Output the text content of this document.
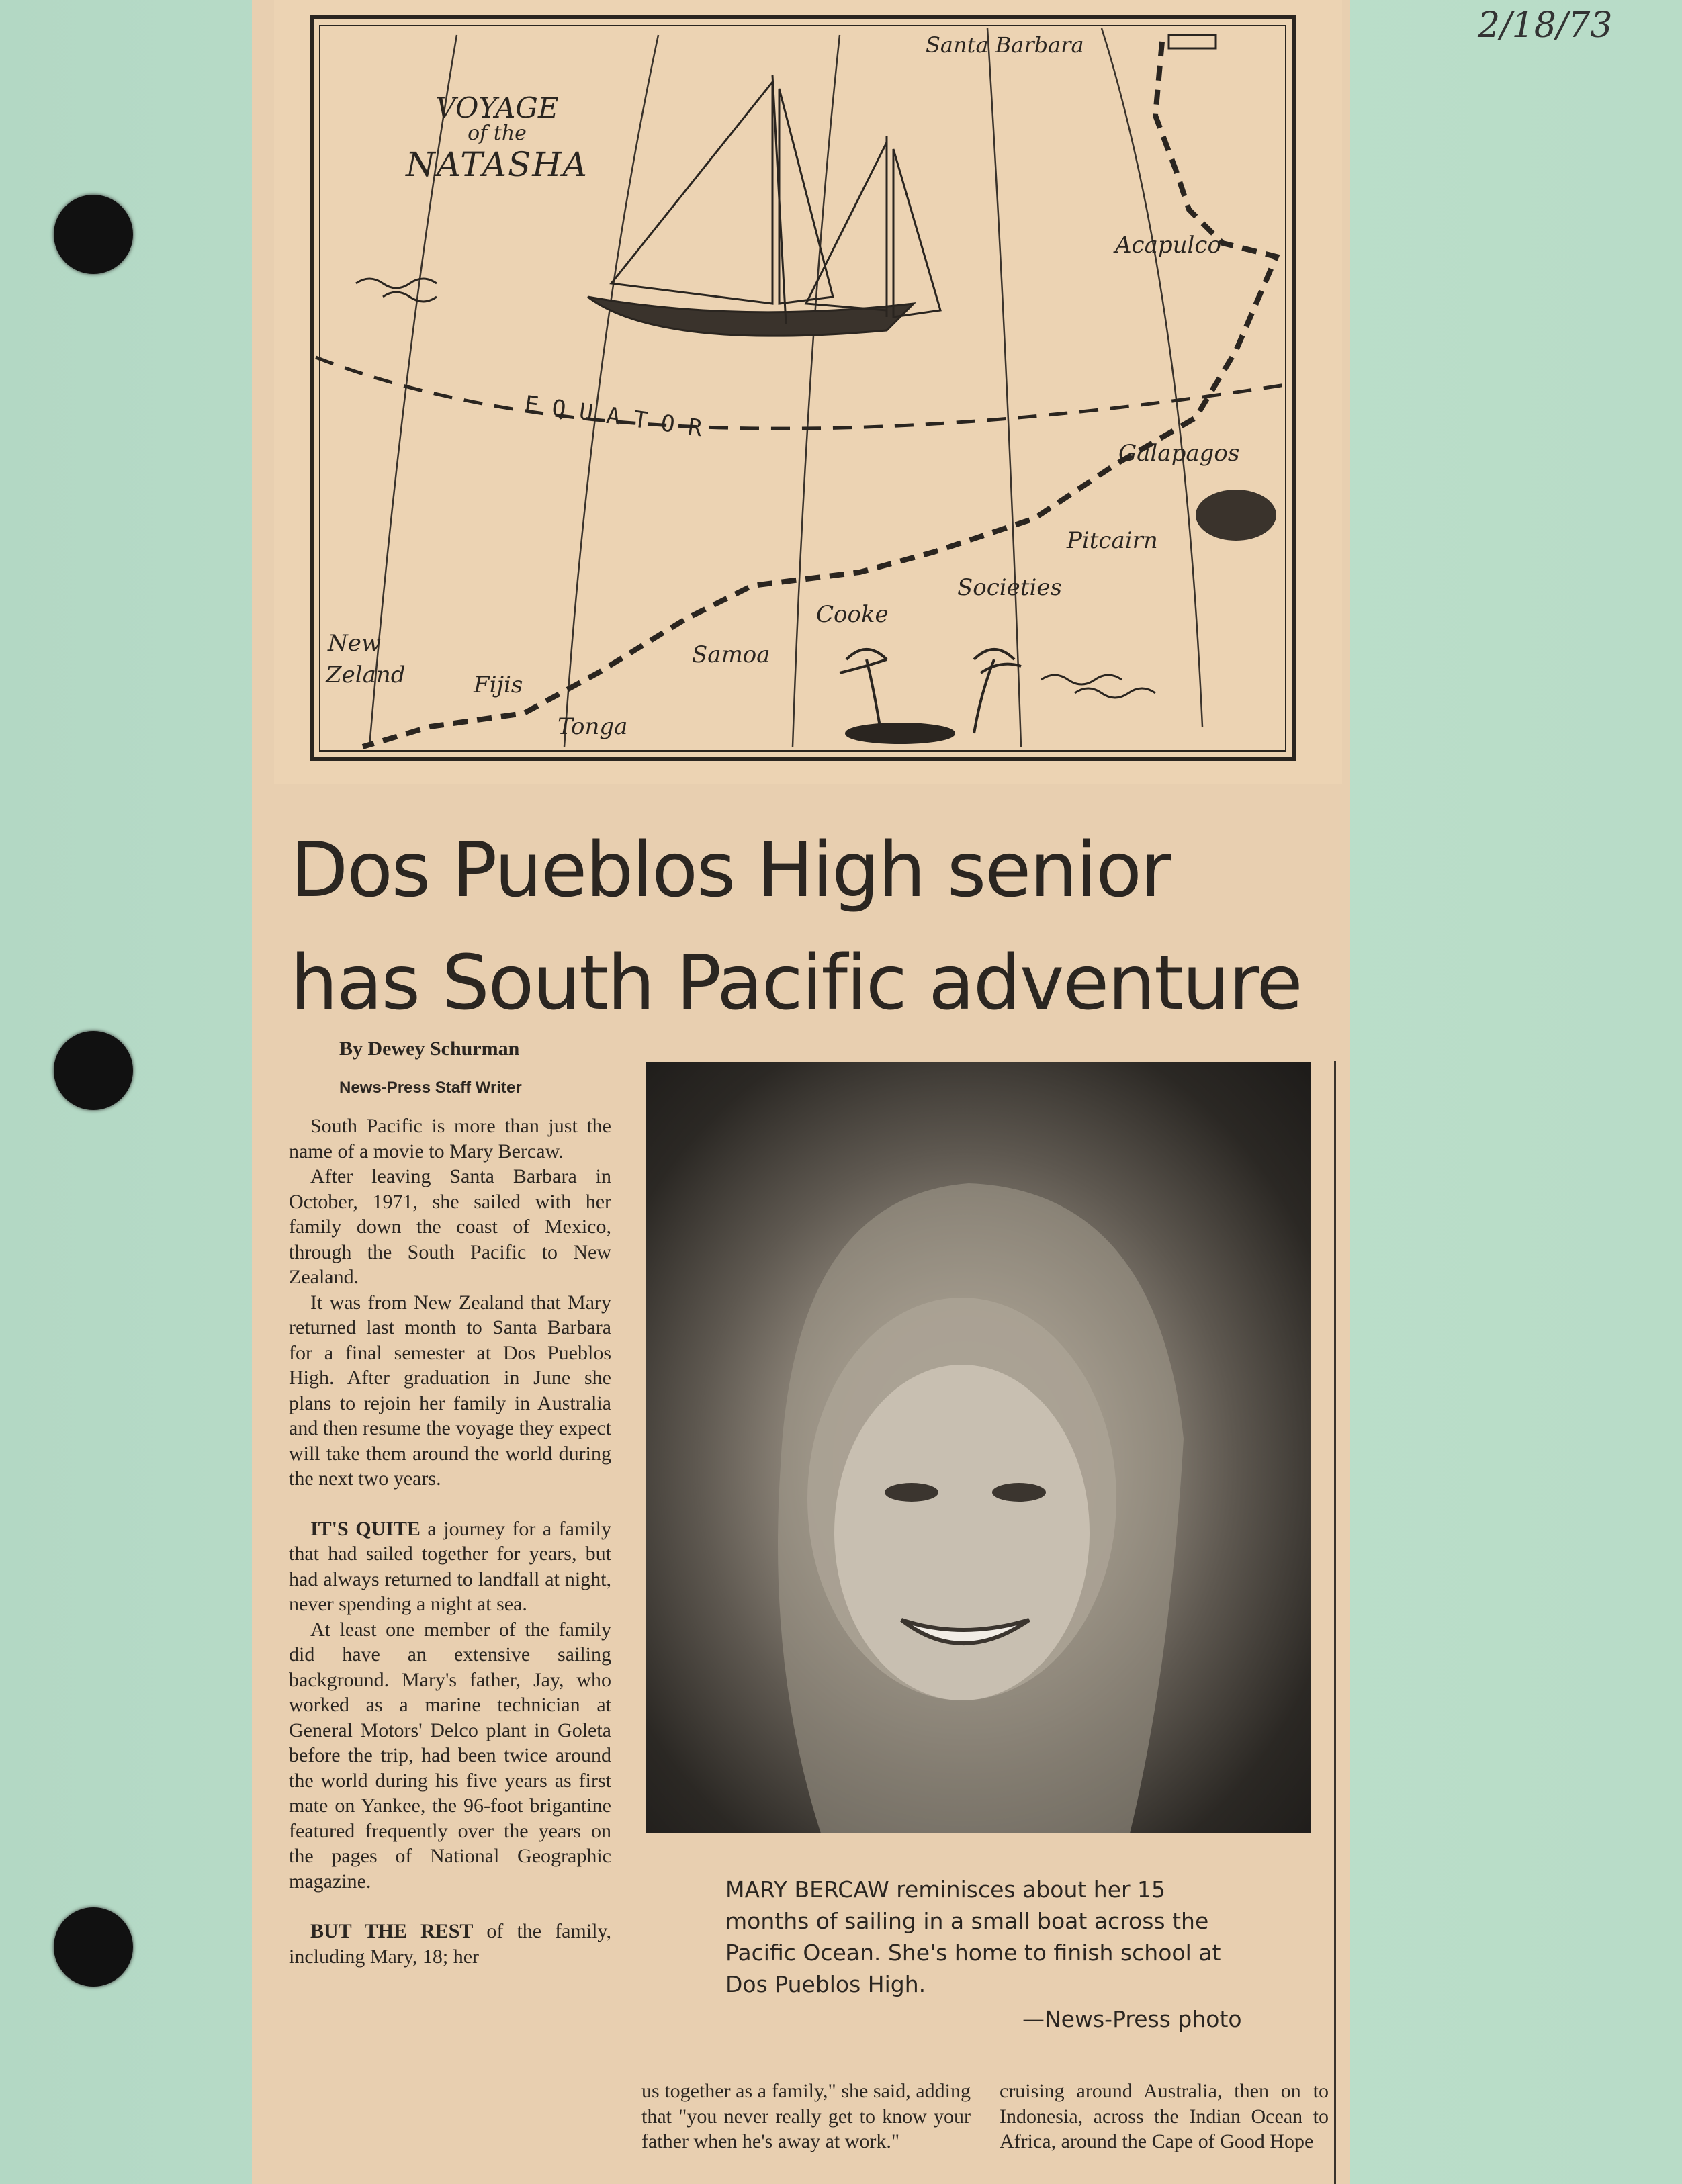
2/18/73
VOYAGE
of the
NATASHA
E Q U A T O R
Santa Barbara
Acapulco
Galapagos
Pitcairn
Societies
Cooke
Samoa
Fijis
Tonga
New
Zeland
Dos Pueblos High senior
has South Pacific adventure
By Dewey Schurman
News-Press Staff Writer

South Pacific is more than just the name of a movie to Mary Bercaw.

After leaving Santa Barbara in October, 1971, she sailed with her family down the coast of Mexico, through the South Pacific to New Zealand.

It was from New Zealand that Mary returned last month to Santa Barbara for a final semester at Dos Pueblos High. After graduation in June she plans to rejoin her family in Australia and then resume the voyage they expect will take them around the world during the next two years.

IT'S QUITE a journey for a family that had sailed together for years, but had always returned to landfall at night, never spending a night at sea.

At least one member of the family did have an extensive sailing background. Mary's father, Jay, who worked as a marine technician at General Motors' Delco plant in Goleta before the trip, had been twice around the world during his five years as first mate on Yankee, the 96-foot brigantine featured frequently over the years on the pages of National Geographic magazine.

BUT THE REST of the family, including Mary, 18; her

MARY BERCAW reminisces about her 15 months of sailing in a small boat across the Pacific Ocean. She's home to finish school at Dos Pueblos High.
—News-Press photo

us together as a family," she said, adding that "you never really get to know your father when he's away at work."

cruising around Australia, then on to Indonesia, across the Indian Ocean to Africa, around the Cape of Good Hope
